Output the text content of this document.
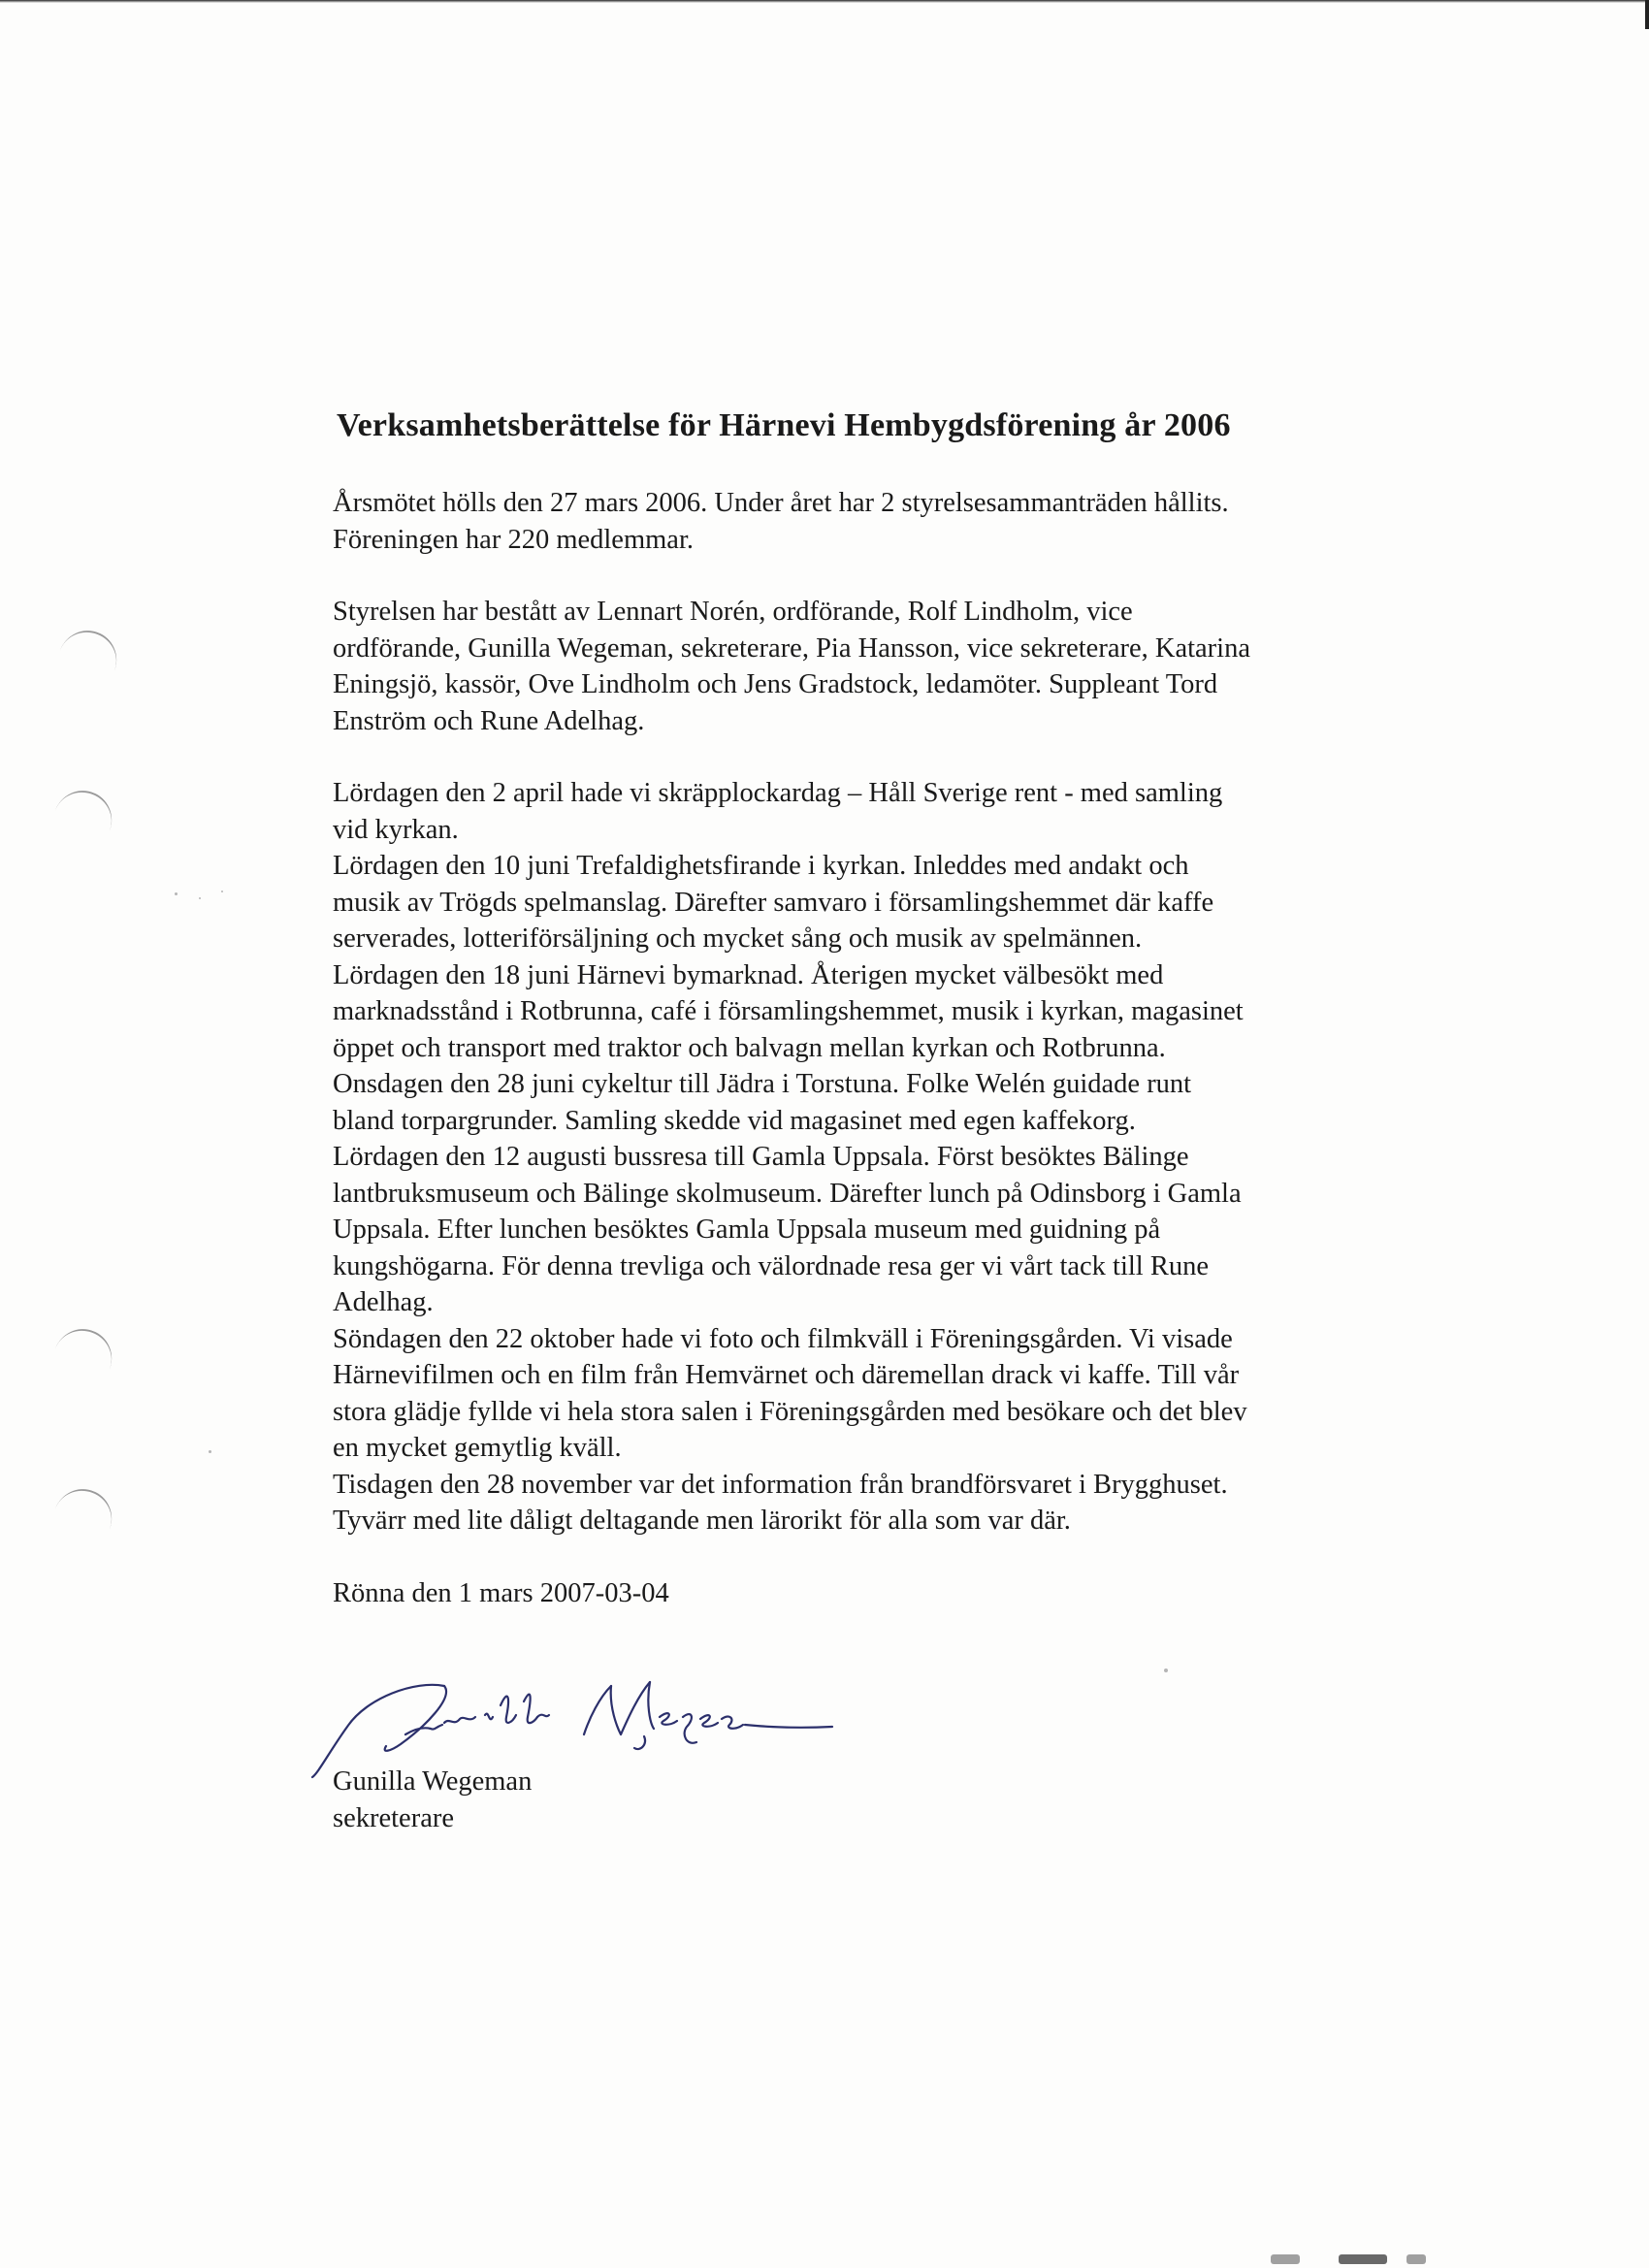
Verksamhetsberättelse för Härnevi Hembygdsförening år 2006
Årsmötet hölls den 27 mars 2006. Under året har 2 styrelsesammanträden hållits.
Föreningen har 220 medlemmar.
Styrelsen har bestått av Lennart Norén, ordförande, Rolf Lindholm, vice
ordförande, Gunilla Wegeman, sekreterare, Pia Hansson, vice sekreterare, Katarina
Eningsjö, kassör, Ove Lindholm och Jens Gradstock, ledamöter. Suppleant Tord
Enström och Rune Adelhag.
Lördagen den 2 april hade vi skräpplockardag – Håll Sverige rent - med samling
vid kyrkan.
Lördagen den 10 juni Trefaldighetsfirande i kyrkan. Inleddes med andakt och
musik av Trögds spelmanslag. Därefter samvaro i församlingshemmet där kaffe
serverades, lotteriförsäljning och mycket sång och musik av spelmännen.
Lördagen den 18 juni Härnevi bymarknad. Återigen mycket välbesökt med
marknadsstånd i Rotbrunna, café i församlingshemmet, musik i kyrkan, magasinet
öppet och transport med traktor och balvagn mellan kyrkan och Rotbrunna.
Onsdagen den 28 juni cykeltur till Jädra i Torstuna. Folke Welén guidade runt
bland torpargrunder. Samling skedde vid magasinet med egen kaffekorg.
Lördagen den 12 augusti bussresa till Gamla Uppsala. Först besöktes Bälinge
lantbruksmuseum och Bälinge skolmuseum. Därefter lunch på Odinsborg i Gamla
Uppsala. Efter lunchen besöktes Gamla Uppsala museum med guidning på
kungshögarna. För denna trevliga och välordnade resa ger vi vårt tack till Rune
Adelhag.
Söndagen den 22 oktober hade vi foto och filmkväll i Föreningsgården. Vi visade
Härnevifilmen och en film från Hemvärnet och däremellan drack vi kaffe. Till vår
stora glädje fyllde vi hela stora salen i Föreningsgården med besökare och det blev
en mycket gemytlig kväll.
Tisdagen den 28 november var det information från brandförsvaret i Brygghuset.
Tyvärr med lite dåligt deltagande men lärorikt för alla som var där.
Rönna den 1 mars 2007-03-04
Gunilla Wegeman
sekreterare
